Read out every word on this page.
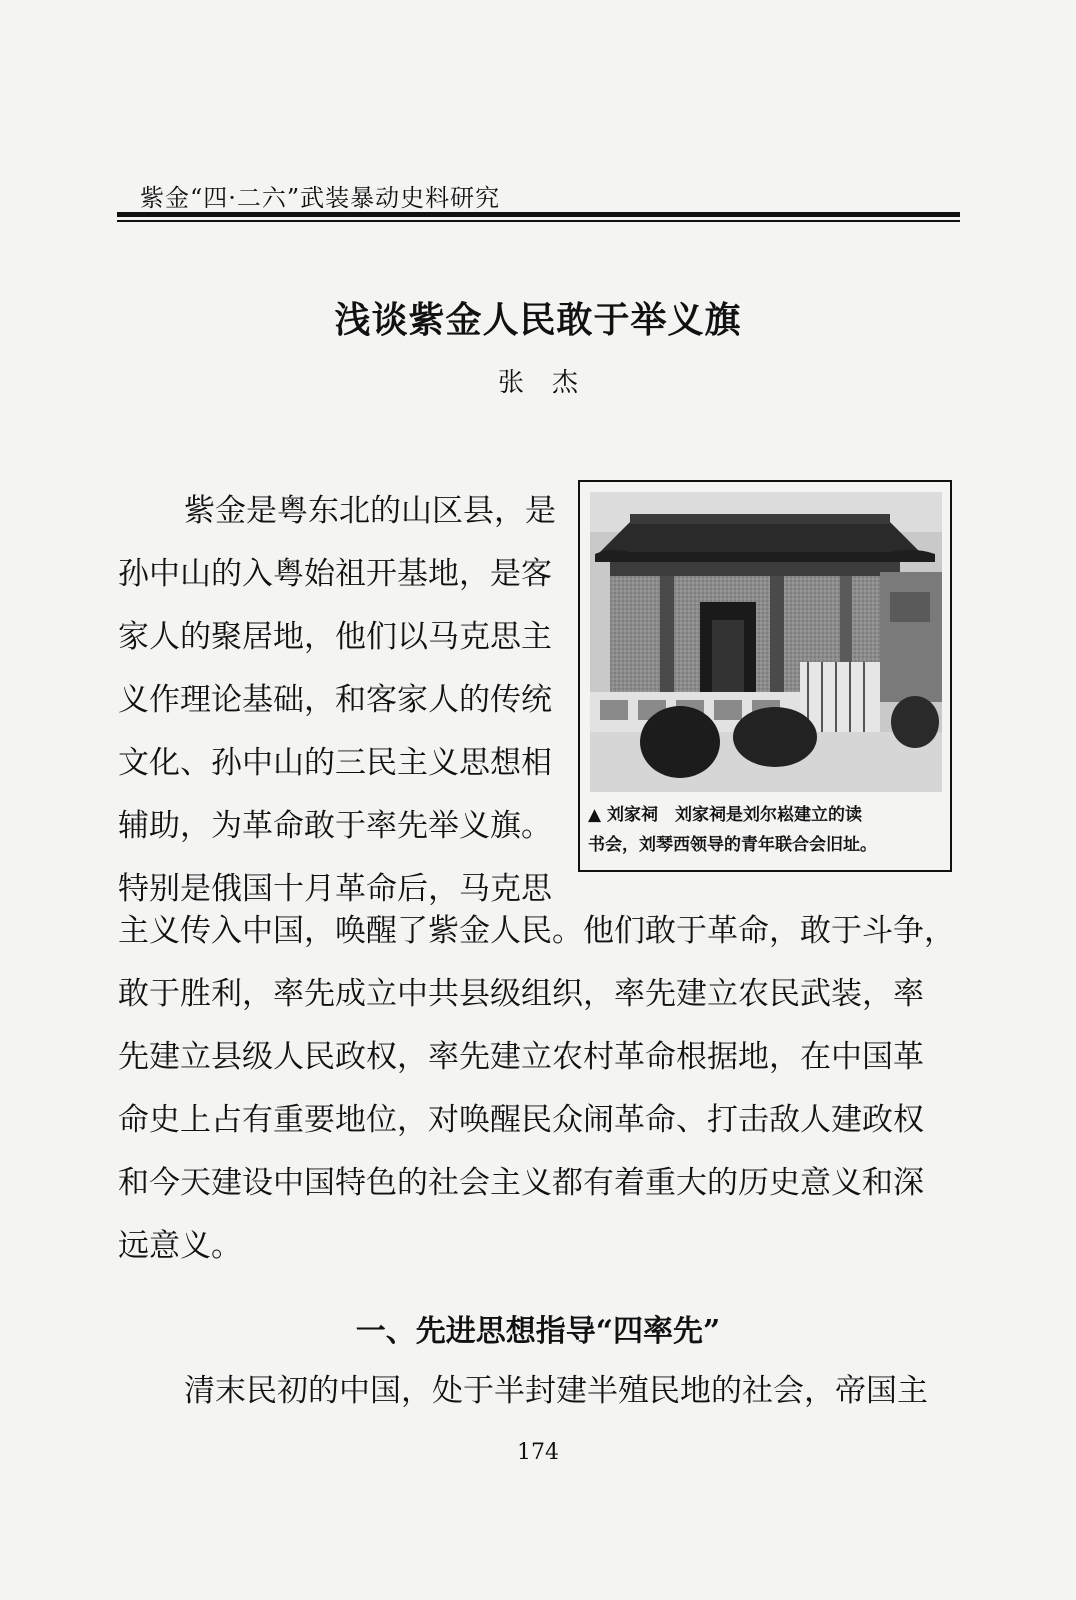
紫金“四·二六”武装暴动史料研究
浅谈紫金人民敢于举义旗
张杰
紫金是粤东北的山区县，是
孙中山的入粤始祖开基地，是客
家人的聚居地，他们以马克思主
义作理论基础，和客家人的传统
文化、孙中山的三民主义思想相
辅助，为革命敢于率先举义旗。
特别是俄国十月革命后，马克思
▲ 刘家祠　刘家祠是刘尔崧建立的读
书会，刘琴西领导的青年联合会旧址。
主义传入中国，唤醒了紫金人民。他们敢于革命，敢于斗争，
敢于胜利，率先成立中共县级组织，率先建立农民武装，率
先建立县级人民政权，率先建立农村革命根据地，在中国革
命史上占有重要地位，对唤醒民众闹革命、打击敌人建政权
和今天建设中国特色的社会主义都有着重大的历史意义和深
远意义。
一、先进思想指导“四率先”
清末民初的中国，处于半封建半殖民地的社会，帝国主
174
